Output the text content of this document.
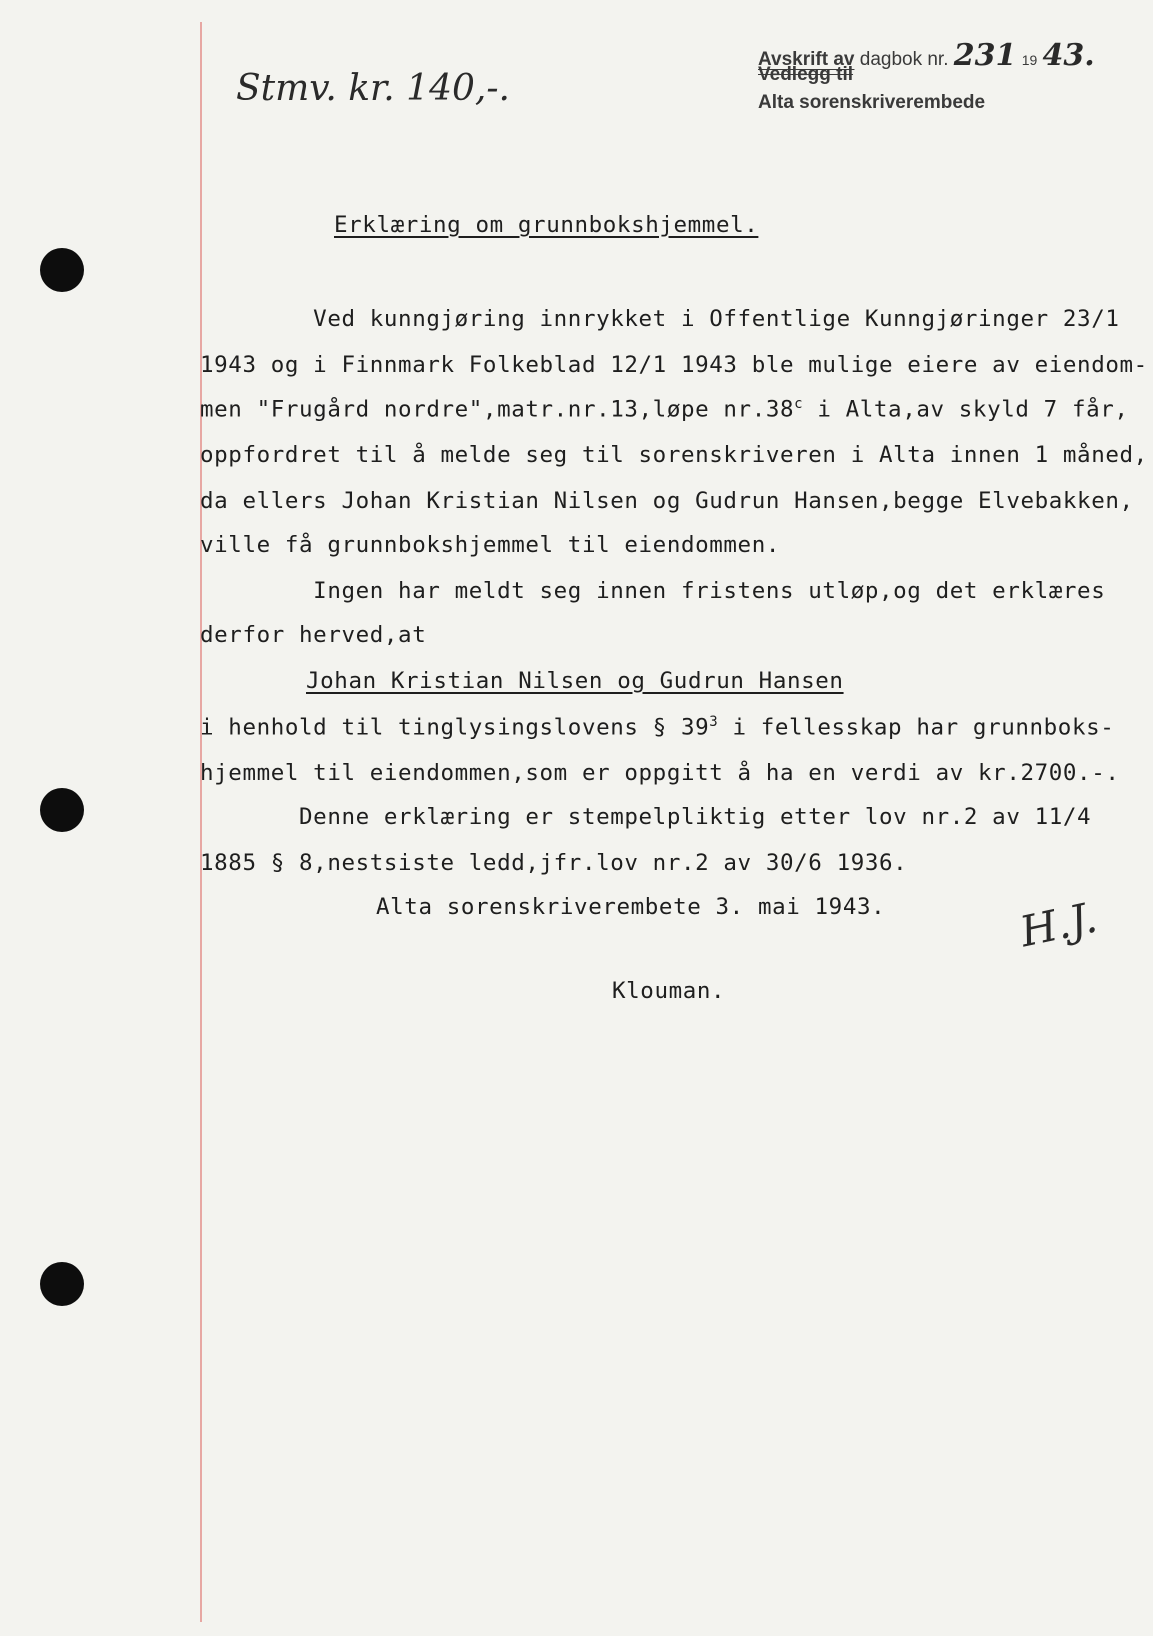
Stmv. kr. 140,-.
Avskrift av dagbok nr. 231 19 43.
Vedlegg til
Alta sorenskriverembede
Erklæring om grunnbokshjemmel.
Ved kunngjøring innrykket i Offentlige Kunngjøringer 23/1
1943 og i Finnmark Folkeblad 12/1 1943 ble mulige eiere av eiendom-
men "Frugård nordre",matr.nr.13,løpe nr.38$^c$ i Alta,av skyld 7 får,
oppfordret til å melde seg til sorenskriveren i Alta innen 1 måned,
da ellers Johan Kristian Nilsen og Gudrun Hansen,begge Elvebakken,
ville få grunnbokshjemmel til eiendommen.
Ingen har meldt seg innen fristens utløp,og det erklæres
derfor herved,at
Johan Kristian Nilsen og Gudrun Hansen
i henhold til tinglysingslovens § $39^3$ i fellesskap har grunnboks-
hjemmel til eiendommen,som er oppgitt å ha en verdi av kr.2700.-.
Denne erklæring er stempelpliktig etter lov nr.2 av 11/4
1885 § 8,nestsiste ledd,jfr.lov nr.2 av 30/6 1936.
Alta sorenskriverembete 3. mai 1943.	H.J.
Klouman.
